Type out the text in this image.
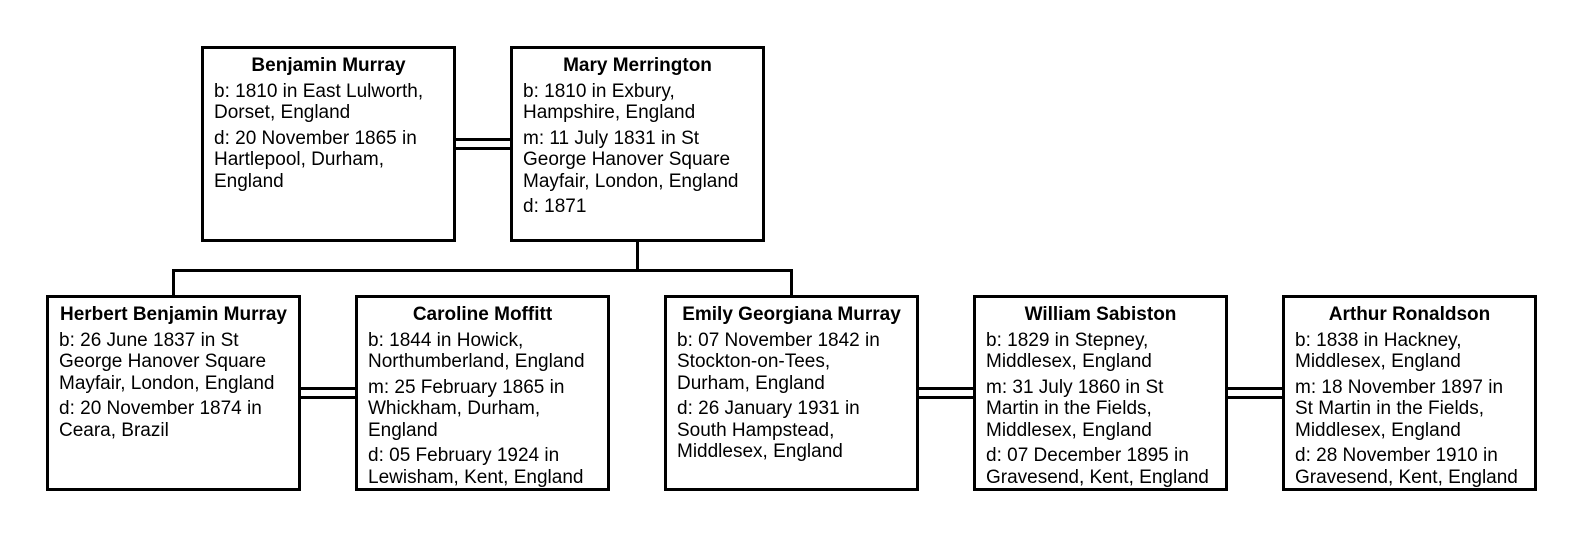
Benjamin Murray

b: 1810 in East Lulworth, Dorset, England

d: 20 November 1865 in Hartlepool, Durham, England

Mary Merrington

b: 1810 in Exbury, Hampshire, England

m: 11 July 1831 in St George Hanover Square Mayfair, London, England

d: 1871

Herbert Benjamin Murray

b: 26 June 1837 in St George Hanover Square Mayfair, London, England

d: 20 November 1874 in Ceara, Brazil

Caroline Moffitt

b: 1844 in Howick, Northumberland, England

m: 25 February 1865 in Whickham, Durham, England

d: 05 February 1924 in Lewisham, Kent, England

Emily Georgiana Murray

b: 07 November 1842 in Stockton-on-Tees, Durham, England

d: 26 January 1931 in South Hampstead, Middlesex, England

William Sabiston

b: 1829 in Stepney, Middlesex, England

m: 31 July 1860 in St Martin in the Fields, Middlesex, England

d: 07 December 1895 in Gravesend, Kent, England

Arthur Ronaldson

b: 1838 in Hackney, Middlesex, England

m: 18 November 1897 in St Martin in the Fields, Middlesex, England

d: 28 November 1910 in Gravesend, Kent, England
